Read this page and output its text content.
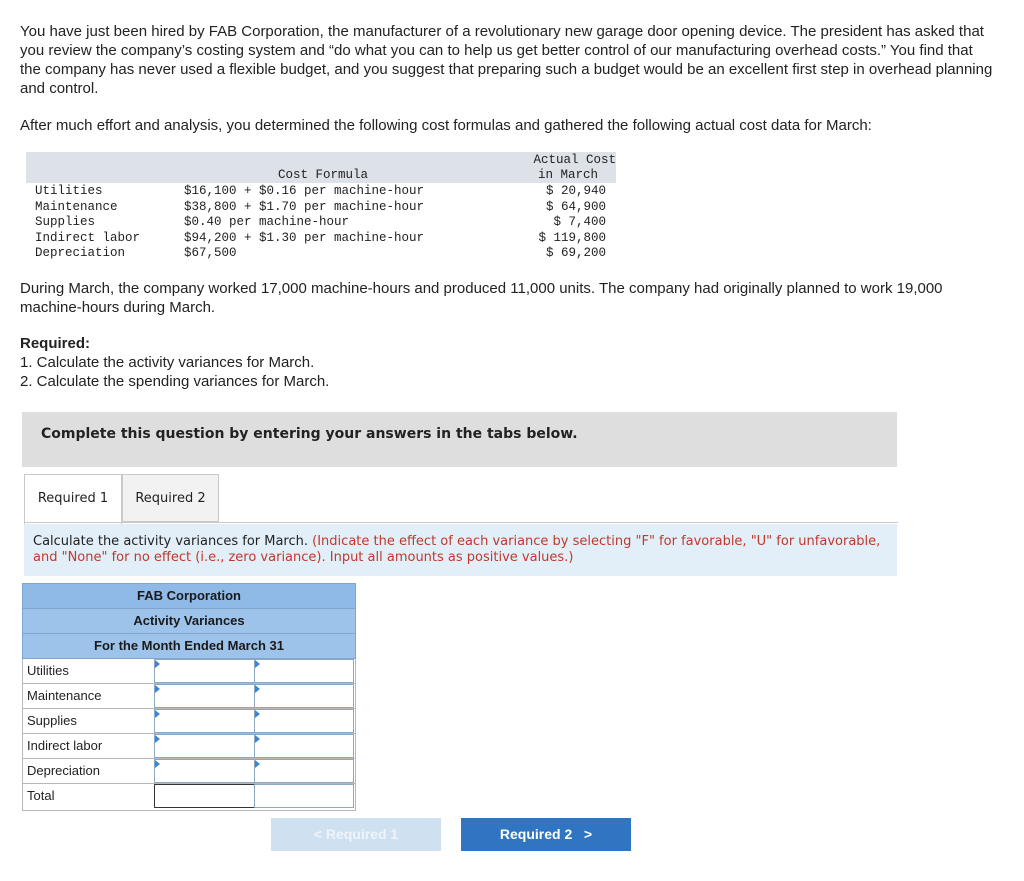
You have just been hired by FAB Corporation, the manufacturer of a revolutionary new garage door opening device. The president has asked that you review the company’s costing system and “do what you can to help us get better control of our manufacturing overhead costs.” You find that the company has never used a flexible budget, and you suggest that preparing such a budget would be an excellent first step in overhead planning and control.

After much effort and analysis, you determined the following cost formulas and gathered the following actual cost data for March:

Cost Formula
Actual Cost
in March
Utilities	$16,100 + $0.16 per machine-hour	$ 20,940
Maintenance	$38,800 + $1.70 per machine-hour	$ 64,900
Supplies	$0.40 per machine-hour	$ 7,400
Indirect labor	$94,200 + $1.30 per machine-hour	$ 119,800
Depreciation	$67,500	$ 69,200

During March, the company worked 17,000 machine-hours and produced 11,000 units. The company had originally planned to work 19,000 machine-hours during March.

Required:
1. Calculate the activity variances for March.
2. Calculate the spending variances for March.
Complete this question by entering your answers in the tabs below.
Required 1	Required 2
Calculate the activity variances for March. (Indicate the effect of each variance by selecting "F" for favorable, "U" for unfavorable, and "None" for no effect (i.e., zero variance). Input all amounts as positive values.)
FAB Corporation
Activity Variances
For the Month Ended March 31
Utilities
Maintenance
Supplies
Indirect labor
Depreciation
Total
< Required 1	Required 2   >
